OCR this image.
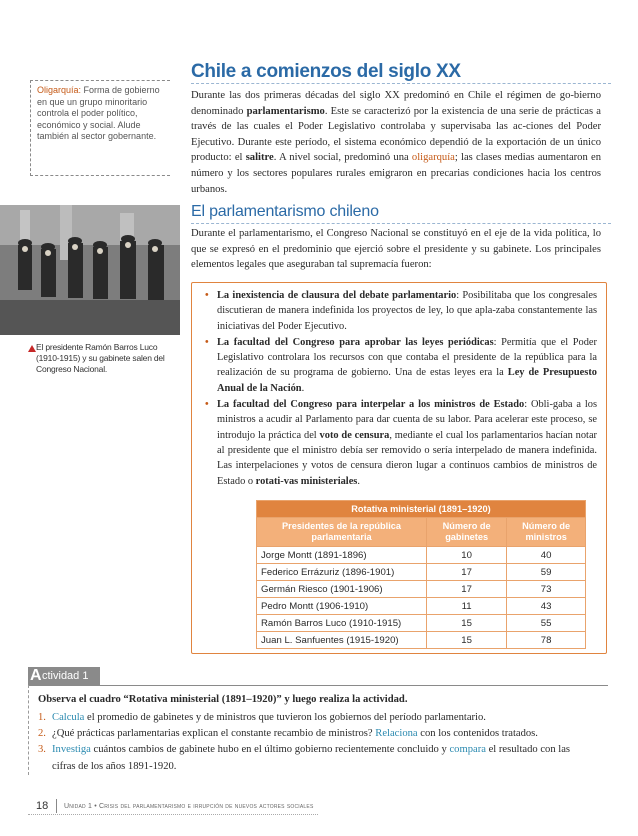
Oligarquía: Forma de gobierno en que un grupo minoritario controla el poder político, económico y social. Alude también al sector gobernante.
El presidente Ramón Barros Luco (1910-1915) y su gabinete salen del Congreso Nacional.
Chile a comienzos del siglo XX
Durante las dos primeras décadas del siglo XX predominó en Chile el régimen de go-bierno denominado parlamentarismo. Este se caracterizó por la existencia de una serie de prácticas a través de las cuales el Poder Legislativo controlaba y supervisaba las ac-ciones del Poder Ejecutivo. Durante este período, el sistema económico dependió de la exportación de un único producto: el salitre. A nivel social, predominó una oligarquía; las clases medias aumentaron en número y los sectores populares rurales emigraron en precarias condiciones hacia los centros urbanos.
El parlamentarismo chileno
Durante el parlamentarismo, el Congreso Nacional se constituyó en el eje de la vida política, lo que se expresó en el predominio que ejerció sobre el presidente y su gabinete. Los principales elementos legales que aseguraban tal supremacía fueron:
• La inexistencia de clausura del debate parlamentario: Posibilitaba que los congresales discutieran de manera indefinida los proyectos de ley, lo que apla-zaba constantemente las iniciativas del Poder Ejecutivo.
• La facultad del Congreso para aprobar las leyes periódicas: Permitía que el Poder Legislativo controlara los recursos con que contaba el presidente de la república para la realización de su programa de gobierno. Una de estas leyes era la Ley de Presupuesto Anual de la Nación.
• La facultad del Congreso para interpelar a los ministros de Estado: Obli-gaba a los ministros a acudir al Parlamento para dar cuenta de su labor. Para acelerar este proceso, se introdujo la práctica del voto de censura, mediante el cual los parlamentarios hacían notar al presidente que el ministro debía ser removido o sería interpelado de manera indefinida. Las interpelaciones y votos de censura dieron lugar a continuos cambios de ministros de Estado o rotati-vas ministeriales.
Rotativa ministerial (1891–1920)		
Presidentes de la república parlamentaria	Número de gabinetes	Número de ministros
Jorge Montt (1891-1896)	10	40
Federico Errázuriz (1896-1901)	17	59
Germán Riesco (1901-1906)	17	73
Pedro Montt (1906-1910)	11	43
Ramón Barros Luco (1910-1915)	15	55
Juan L. Sanfuentes (1915-1920)	15	78
A ctividad 1
Observa el cuadro “Rotativa ministerial (1891–1920)” y luego realiza la actividad.
1. Calcula el promedio de gabinetes y de ministros que tuvieron los gobiernos del período parlamentario.
2. ¿Qué prácticas parlamentarias explican el constante recambio de ministros? Relaciona con los contenidos tratados.
3. Investiga cuántos cambios de gabinete hubo en el último gobierno recientemente concluido y compara el resultado con las
cifras de los años 1891-1920.
18 Unidad 1 • Crisis del parlamentarismo e irrupción de nuevos actores sociales
